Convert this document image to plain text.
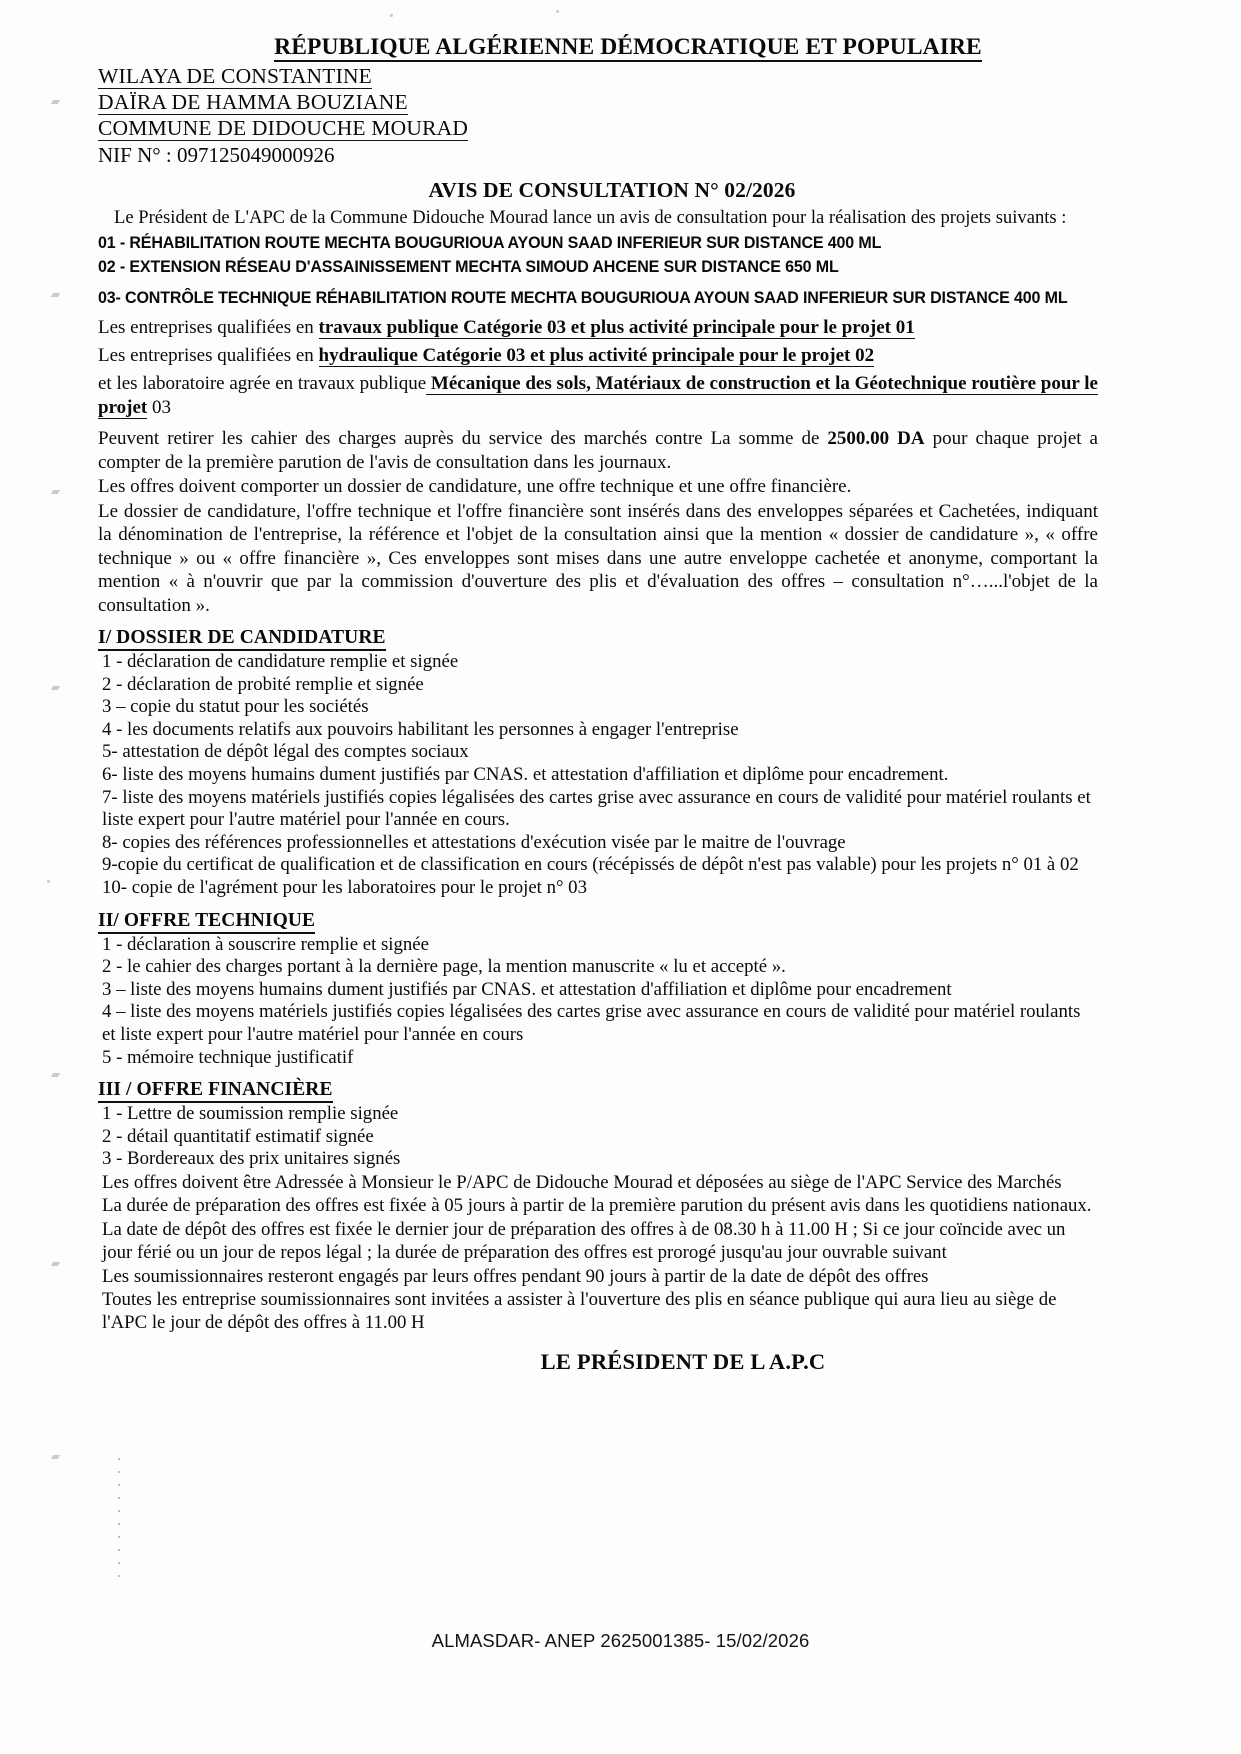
RÉPUBLIQUE ALGÉRIENNE DÉMOCRATIQUE ET POPULAIRE

WILAYA DE CONSTANTINE

DAÏRA DE HAMMA BOUZIANE

COMMUNE DE DIDOUCHE MOURAD

NIF N° : 097125049000926

AVIS DE CONSULTATION N° 02/2026

Le Président de L'APC de la Commune Didouche Mourad lance un avis de consultation pour la réalisation des projets suivants :

01 - RÉHABILITATION ROUTE MECHTA BOUGURIOUA AYOUN SAAD INFERIEUR SUR DISTANCE 400 ML

02 - EXTENSION RÉSEAU D'ASSAINISSEMENT MECHTA SIMOUD AHCENE SUR DISTANCE 650 ML

03- CONTRÔLE TECHNIQUE RÉHABILITATION ROUTE MECHTA BOUGURIOUA AYOUN SAAD INFERIEUR SUR DISTANCE 400 ML

Les entreprises qualifiées en travaux publique Catégorie 03 et plus activité principale pour le projet 01

Les entreprises qualifiées en hydraulique Catégorie 03 et plus activité principale pour le projet 02

et les laboratoire agrée en travaux publique Mécanique des sols, Matériaux de construction et la Géotechnique routière pour le projet 03

Peuvent retirer les cahier des charges auprès du service des marchés contre La somme de 2500.00 DA pour chaque projet a compter de la première parution de l'avis de consultation dans les journaux.

Les offres doivent comporter un dossier de candidature, une offre technique et une offre financière.

Le dossier de candidature, l'offre technique et l'offre financière sont insérés dans des enveloppes séparées et Cachetées, indiquant la dénomination de l'entreprise, la référence et l'objet de la consultation ainsi que la mention « dossier de candidature », « offre technique » ou « offre financière », Ces enveloppes sont mises dans une autre enveloppe cachetée et anonyme, comportant la mention « à n'ouvrir que par la commission d'ouverture des plis et d'évaluation des offres – consultation n°…...l'objet de la consultation ».

I/ DOSSIER DE CANDIDATURE

1 - déclaration de candidature remplie et signée

2 - déclaration de probité remplie et signée

3 – copie du statut pour les sociétés

4 - les documents relatifs aux pouvoirs habilitant les personnes à engager l'entreprise

5- attestation de dépôt légal des comptes sociaux

6- liste des moyens humains dument justifiés par CNAS. et attestation d'affiliation et diplôme pour encadrement.

7- liste des moyens matériels justifiés copies légalisées des cartes grise avec assurance en cours de validité pour matériel roulants et liste expert pour l'autre matériel pour l'année en cours.

8- copies des références professionnelles et attestations d'exécution visée par le maitre de l'ouvrage

9-copie du certificat de qualification et de classification en cours (récépissés de dépôt n'est pas valable) pour les projets n° 01 à 02

10- copie de l'agrément pour les laboratoires pour le projet n° 03

II/ OFFRE TECHNIQUE

1 - déclaration à souscrire remplie et signée

2 - le cahier des charges portant à la dernière page, la mention manuscrite « lu et accepté ».

3 – liste des moyens humains dument justifiés par CNAS. et attestation d'affiliation et diplôme pour encadrement

4 – liste des moyens matériels justifiés copies légalisées des cartes grise avec assurance en cours de validité pour matériel roulants et liste expert pour l'autre matériel pour l'année en cours

5 - mémoire technique justificatif

III / OFFRE FINANCIÈRE

1 - Lettre de soumission remplie signée

2 - détail quantitatif estimatif signée

3 - Bordereaux des prix unitaires signés

Les offres doivent être Adressée à Monsieur le P/APC de Didouche Mourad et déposées au siège de l'APC Service des Marchés

La durée de préparation des offres est fixée à 05 jours à partir de la première parution du présent avis dans les quotidiens nationaux.

La date de dépôt des offres est fixée le dernier jour de préparation des offres à de 08.30 h à 11.00 H ; Si ce jour coïncide avec un jour férié ou un jour de repos légal ; la durée de préparation des offres est prorogé jusqu'au jour ouvrable suivant

Les soumissionnaires resteront engagés par leurs offres pendant 90 jours à partir de la date de dépôt des offres

Toutes les entreprise soumissionnaires sont invitées a assister à l'ouverture des plis en séance publique qui aura lieu au siège de l'APC le jour de dépôt des offres à 11.00 H

LE PRÉSIDENT DE L A.P.C

ALMASDAR- ANEP 2625001385- 15/02/2026
